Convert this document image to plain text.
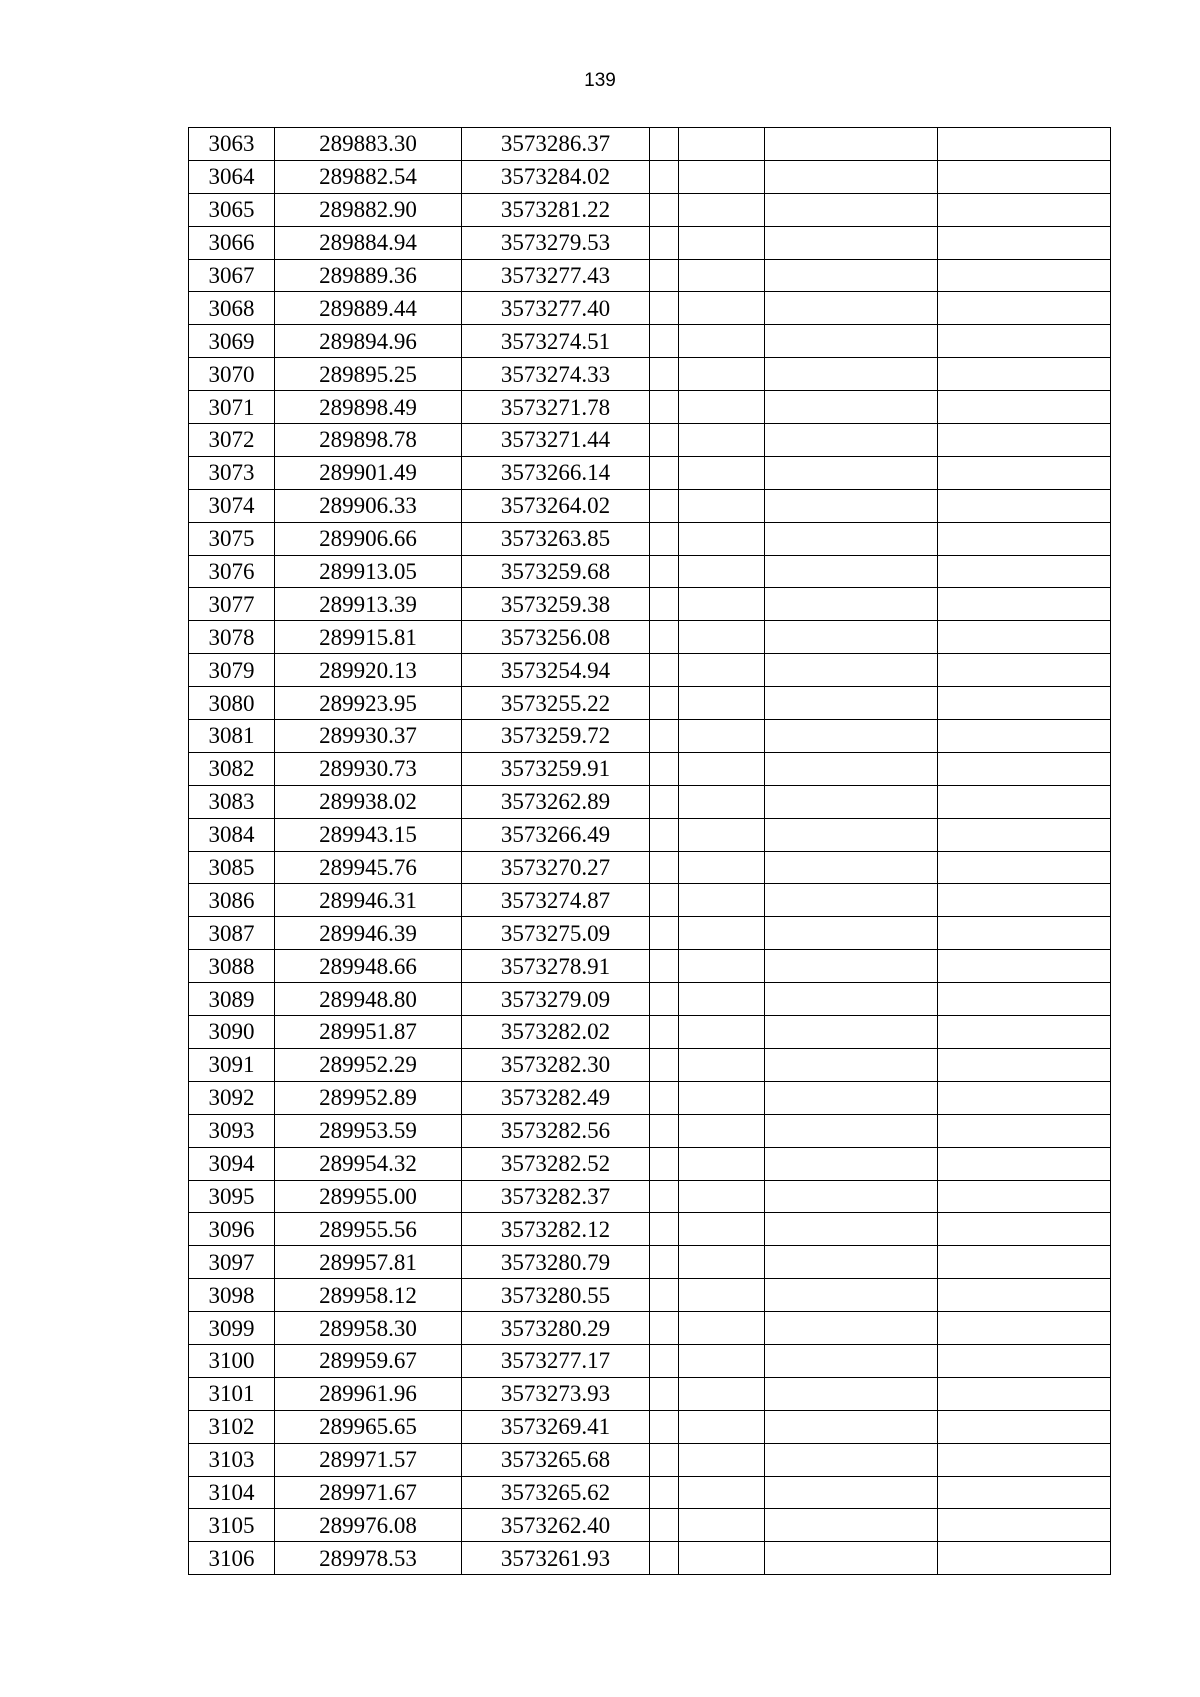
139
3063	289883.30	3573286.37				
3064	289882.54	3573284.02				
3065	289882.90	3573281.22				
3066	289884.94	3573279.53				
3067	289889.36	3573277.43				
3068	289889.44	3573277.40				
3069	289894.96	3573274.51				
3070	289895.25	3573274.33				
3071	289898.49	3573271.78				
3072	289898.78	3573271.44				
3073	289901.49	3573266.14				
3074	289906.33	3573264.02				
3075	289906.66	3573263.85				
3076	289913.05	3573259.68				
3077	289913.39	3573259.38				
3078	289915.81	3573256.08				
3079	289920.13	3573254.94				
3080	289923.95	3573255.22				
3081	289930.37	3573259.72				
3082	289930.73	3573259.91				
3083	289938.02	3573262.89				
3084	289943.15	3573266.49				
3085	289945.76	3573270.27				
3086	289946.31	3573274.87				
3087	289946.39	3573275.09				
3088	289948.66	3573278.91				
3089	289948.80	3573279.09				
3090	289951.87	3573282.02				
3091	289952.29	3573282.30				
3092	289952.89	3573282.49				
3093	289953.59	3573282.56				
3094	289954.32	3573282.52				
3095	289955.00	3573282.37				
3096	289955.56	3573282.12				
3097	289957.81	3573280.79				
3098	289958.12	3573280.55				
3099	289958.30	3573280.29				
3100	289959.67	3573277.17				
3101	289961.96	3573273.93				
3102	289965.65	3573269.41				
3103	289971.57	3573265.68				
3104	289971.67	3573265.62				
3105	289976.08	3573262.40				
3106	289978.53	3573261.93				
